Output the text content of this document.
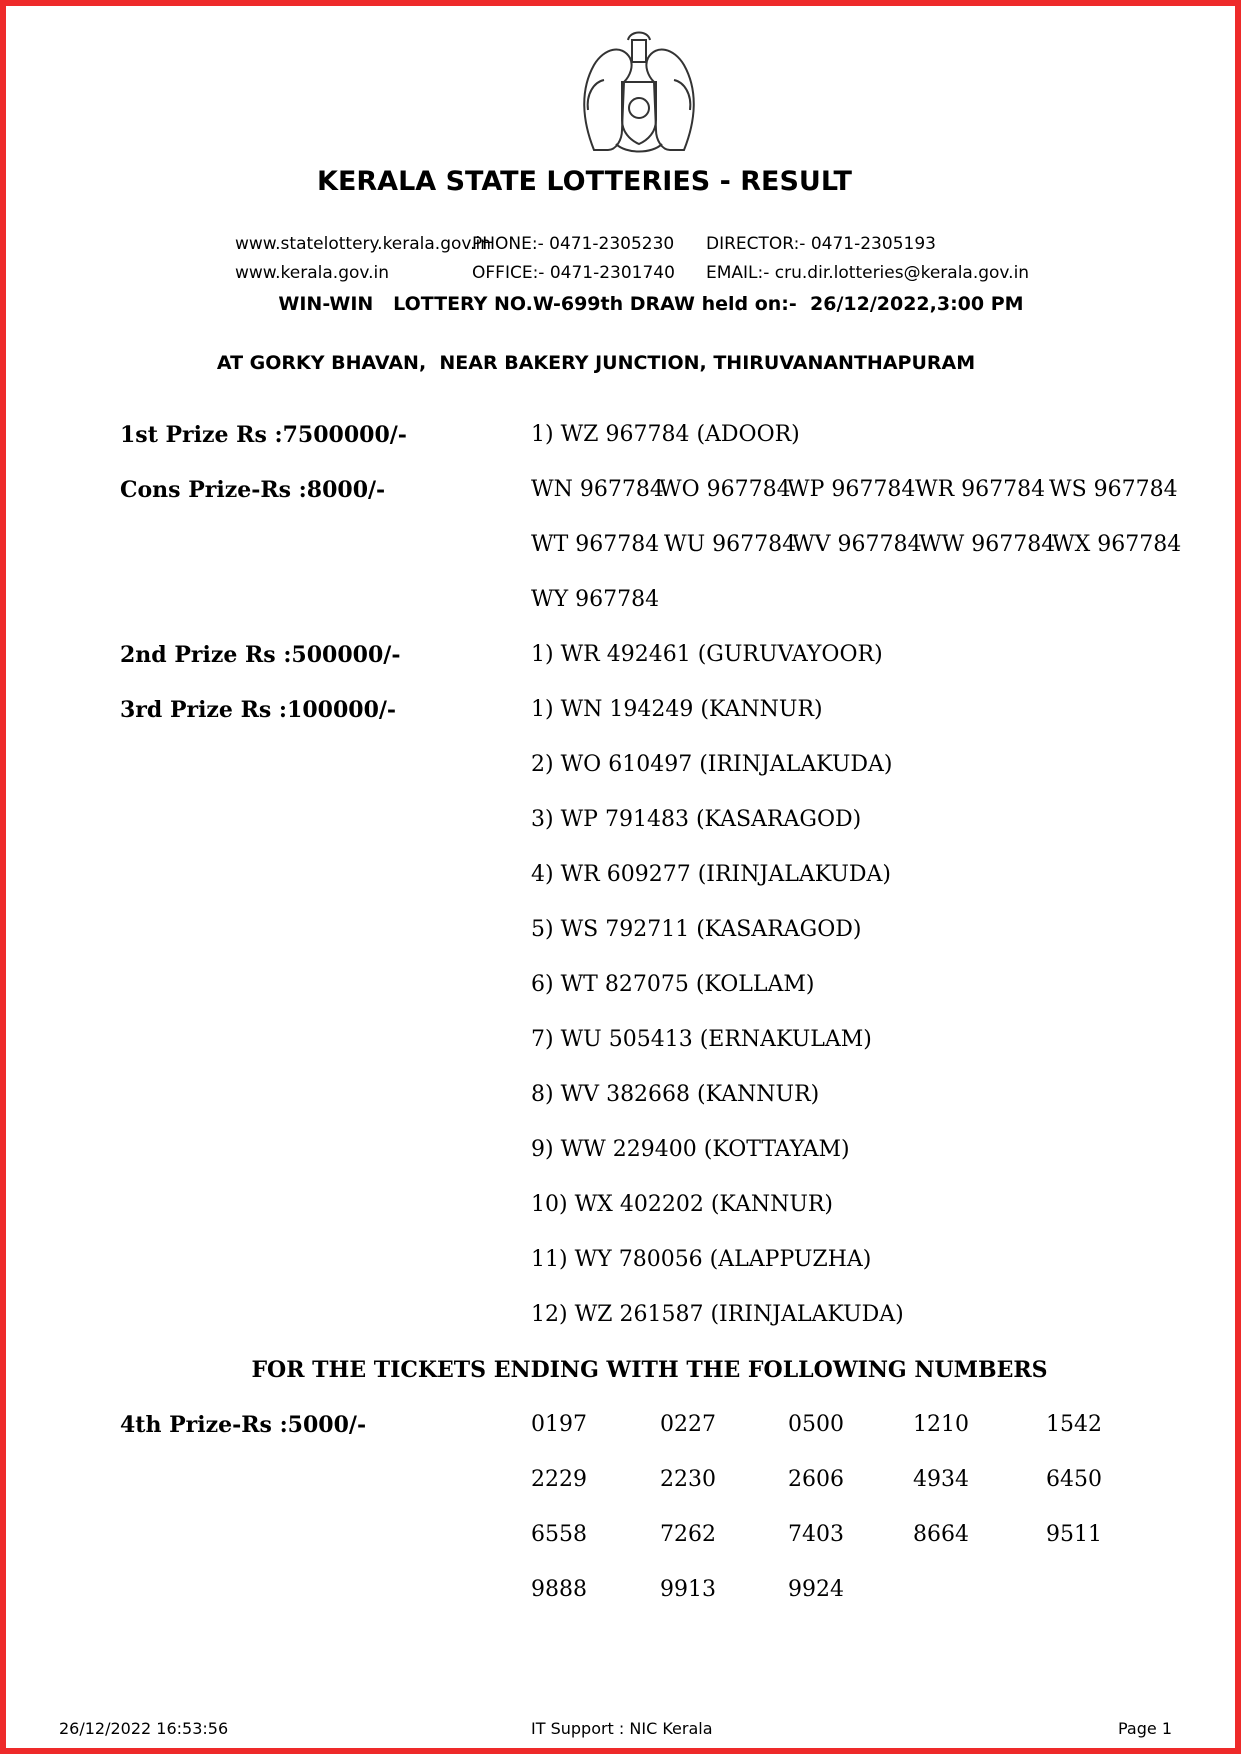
KERALA STATE LOTTERIES - RESULT
www.statelottery.kerala.gov.in
PHONE:- 0471-2305230 DIRECTOR:- 0471-2305193
www.kerala.gov.in	OFFICE:- 0471-2301740 EMAIL:- cru.dir.lotteries@kerala.gov.in
WIN-WIN   LOTTERY NO.W-699th DRAW held on:-  26/12/2022,3:00 PM
AT GORKY BHAVAN,  NEAR BAKERY JUNCTION, THIRUVANANTHAPURAM
1st Prize Rs :7500000/-	1) WZ 967784 (ADOOR)
Cons Prize-Rs :8000/-	WN 967784
WO 967784
WP 967784 WR 967784 WS 967784
WT 967784 WU 967784
WV 967784
WW 967784
WX 967784
WY 967784
2nd Prize Rs :500000/-	1) WR 492461 (GURUVAYOOR)
3rd Prize Rs :100000/-	1) WN 194249 (KANNUR)
2) WO 610497 (IRINJALAKUDA)
3) WP 791483 (KASARAGOD)
4) WR 609277 (IRINJALAKUDA)
5) WS 792711 (KASARAGOD)
6) WT 827075 (KOLLAM)
7) WU 505413 (ERNAKULAM)
8) WV 382668 (KANNUR)
9) WW 229400 (KOTTAYAM)
10) WX 402202 (KANNUR)
11) WY 780056 (ALAPPUZHA)
12) WZ 261587 (IRINJALAKUDA)
FOR THE TICKETS ENDING WITH THE FOLLOWING NUMBERS
4th Prize-Rs :5000/-	0197	0227	0500	1210	1542
2229	2230	2606	4934	6450
6558	7262	7403	8664	9511
9888	9913	9924
26/12/2022 16:53:56	IT Support : NIC Kerala	Page 1
